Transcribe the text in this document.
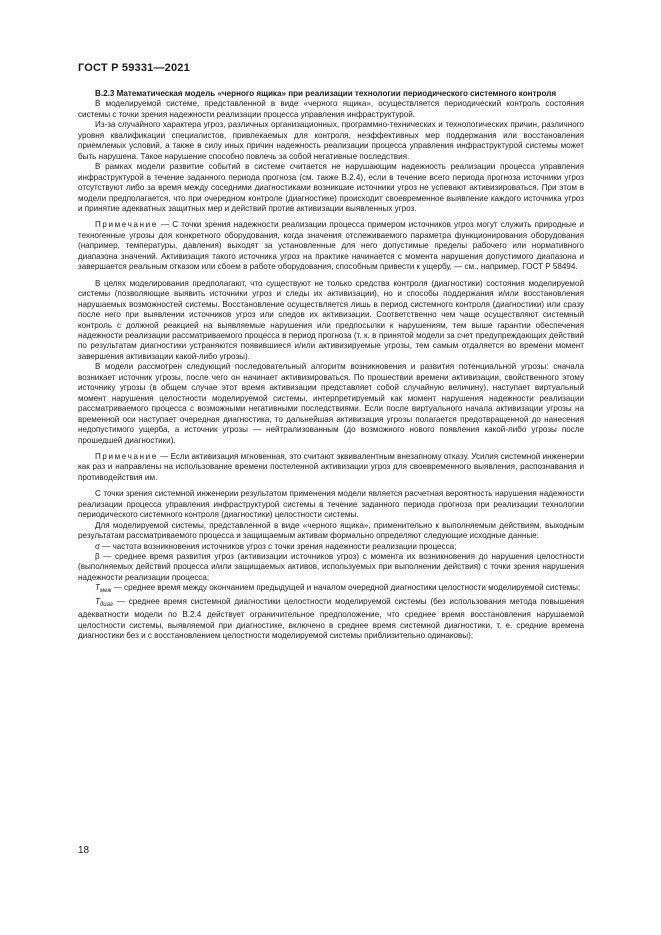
ГОСТ Р 59331—2021

В.2.3 Математическая модель «черного ящика» при реализации технологии периодического системного контроля

В моделируемой системе, представленной в виде «черного ящика», осуществляется периодический контроль состояния системы с точки зрения надежности реализации процесса управления инфраструктурой.

Из-за случайного характера угроз, различных организационных, программно-технических и технологических причин, различного уровня квалификации специалистов, привлекаемых для контроля, неэффективных мер поддержания или восстановления приемлемых условий, а также в силу иных причин надежность реализации процесса управления инфраструктурой системы может быть нарушена. Такое нарушение способно повлечь за собой негативные последствия.

В рамках модели развитие событий в системе считается не нарушающим надежность реализации процесса управления инфраструктурой в течение заданного периода прогноза (см. также В.2.4), если в течение всего периода прогноза источники угроз отсутствуют либо за время между соседними диагностиками возникшие источники угроз не успевают активизироваться. При этом в модели предполагается, что при очередном контроле (диагностике) происходит своевременное выявление каждого источника угроз и принятие адекватных защитных мер и действий против активизации выявленных угроз.

Примечание — С точки зрения надежности реализации процесса примером источников угроз могут служить природные и техногенные угрозы для конкретного оборудования, когда значения отслеживаемого параметра функционирования оборудования (например, температуры, давления) выходят за установленные для него допустимые пределы рабочего или нормативного диапазона значений. Активизация такого источника угроз на практике начинается с момента нарушения допустимого диапазона и завершается реальным отказом или сбоем в работе оборудования, способным привести к ущербу, — см., например, ГОСТ Р 58494.

В целях моделирования предполагают, что существуют не только средства контроля (диагностики) состояния моделируемой системы (позволяющие выявить источники угроз и следы их активизации), но и способы поддержания и/или восстановления нарушаемых возможностей системы. Восстановление осуществляется лишь в период системного контроля (диагностики) или сразу после него при выявлении источников угроз или следов их активизации. Соответственно чем чаще осуществляют системный контроль с должной реакцией на выявляемые нарушения или предпосылки к нарушениям, тем выше гарантии обеспечения надежности реализации рассматриваемого процесса в период прогноза (т. к. в принятой модели за счет предупреждающих действий по результатам диагностики устраняются появившиеся и/или активизируемые угрозы, тем самым отдаляется во времени момент завершения активизации какой-либо угрозы).

В модели рассмотрен следующий последовательный алгоритм возникновения и развития потенциальной угрозы: сначала возникает источник угрозы, после чего он начинает активизироваться. По прошествии времени активизации, свойственного этому источнику угрозы (в общем случае этот время активизации представляет собой случайную величину), наступает виртуальный момент нарушения целостности моделируемой системы, интерпретируемый как момент нарушения надежности реализации рассматриваемого процесса с возможными негативными последствиями. Если после виртуального начала активизации угрозы на временной оси наступает очередная диагностика, то дальнейшая активизация угрозы полагается предотвращенной до нанесения недопустимого ущерба, а источник угрозы — нейтрализованным (до возможного нового появления какой-либо угрозы после прошедшей диагностики).

Примечание — Если активизация мгновенная, это считают эквивалентным внезапному отказу. Усилия системной инженерии как раз и направлены на использование времени постеленной активизации угроз для своевременного выявления, распознавания и противодействия им.

С точки зрения системной инженерии результатом применения модели является расчетная вероятность нарушения надежности реализации процесса управления инфраструктурой системы в течение заданного периода прогноза при реализации технологии периодического системного контроля (диагностики) целостности системы.

Для моделируемой системы, представленной в виде «черного ящика», применительно к выполняемым действиям, выходным результатам рассматриваемого процесса и защищаемым активам формально определяют следующие исходные данные:

σ — частота возникновения источников угроз с точки зрения надежности реализации процесса;

β — среднее время развития угроз (активизации источников угроз) с момента их возникновения до нарушения целостности (выполняемых действий процесса и/или защищаемых активов, используемых при выполнении действия) с точки зрения нарушения надежности реализации процесса;

$T_{меж}$ — среднее время между окончанием предыдущей и началом очередной диагностики целостности моделируемой системы;

$T_{диаг}$ — среднее время системной диагностики целостности моделируемой системы (без использования метода повышения адекватности модели по В.2.4 действует ограничительное предположение, что среднее время восстановления нарушаемой целостности системы, выявляемой при диагностике, включено в среднее время системной диагностики, т. е. средние времена диагностики без и с восстановлением целостности моделируемой системы приблизительно одинаковы);

18
